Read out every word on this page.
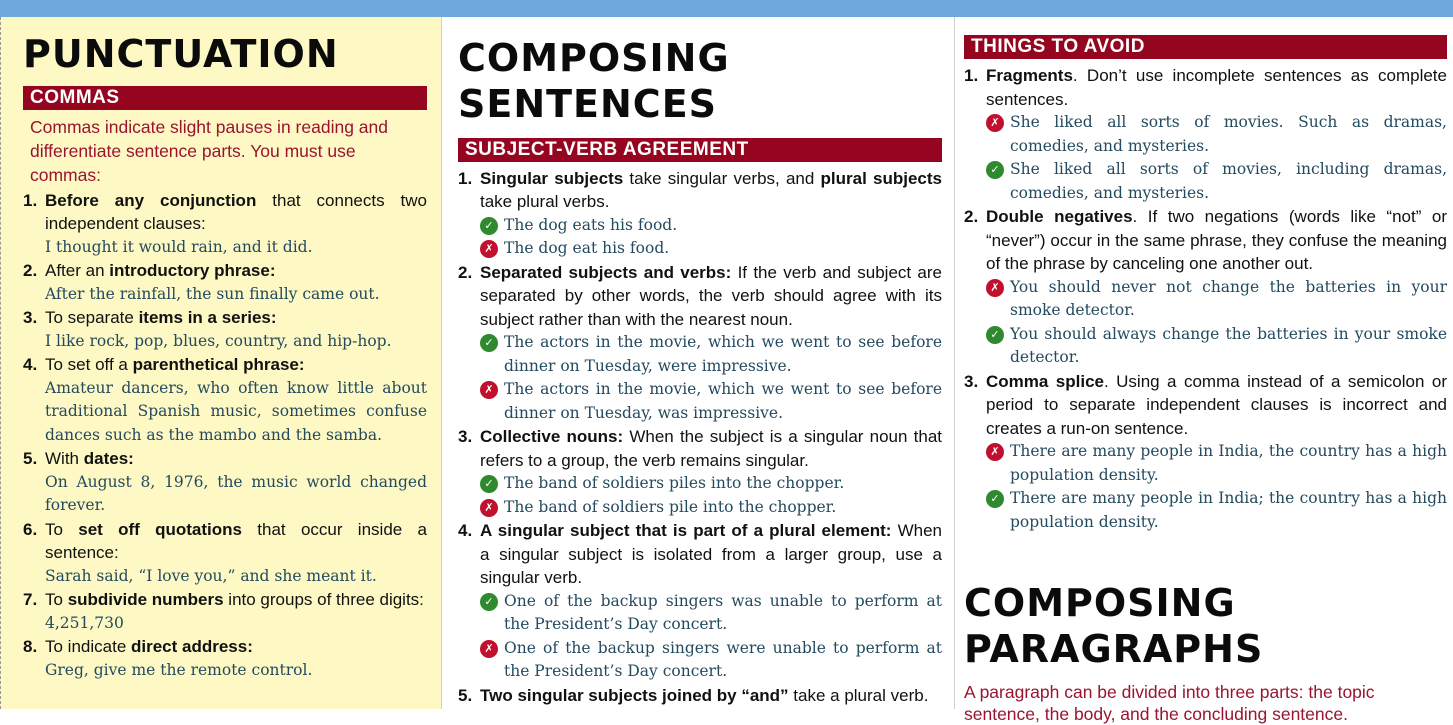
PUNCTUATION
COMMAS
Commas indicate slight pauses in reading and differentiate sentence parts. You must use commas:
1. Before any conjunction that connects two independent clauses:
I thought it would rain, and it did.
2. After an introductory phrase:
After the rainfall, the sun finally came out.
3. To separate items in a series:
I like rock, pop, blues, country, and hip-hop.
4. To set off a parenthetical phrase:
Amateur dancers, who often know little about traditional Spanish music, sometimes confuse dances such as the mambo and the samba.
5. With dates:
On August 8, 1976, the music world changed forever.
6. To set off quotations that occur inside a sentence:
Sarah said, “I love you,” and she meant it.
7. To subdivide numbers into groups of three digits:
4,251,730
8. To indicate direct address:
Greg, give me the remote control.
COMPOSING
SENTENCES
SUBJECT-VERB AGREEMENT
1. Singular subjects take singular verbs, and plural subjects take plural verbs.
✓ The dog eats his food.
✗ The dog eat his food.
2. Separated subjects and verbs: If the verb and subject are separated by other words, the verb should agree with its subject rather than with the nearest noun.
✓ The actors in the movie, which we went to see before dinner on Tuesday, were impressive.
✗ The actors in the movie, which we went to see before dinner on Tuesday, was impressive.
3. Collective nouns: When the subject is a singular noun that refers to a group, the verb remains singular.
✓ The band of soldiers piles into the chopper.
✗ The band of soldiers pile into the chopper.
4. A singular subject that is part of a plural element: When a singular subject is isolated from a larger group, use a singular verb.
✓ One of the backup singers was unable to perform at the President’s Day concert.
✗ One of the backup singers were unable to perform at the President’s Day concert.
5. Two singular subjects joined by “and” take a plural verb.
THINGS TO AVOID
1. Fragments. Don’t use incomplete sentences as complete sentences.
✗ She liked all sorts of movies. Such as dramas, comedies, and mysteries.
✓ She liked all sorts of movies, including dramas, comedies, and mysteries.
2. Double negatives. If two negations (words like “not” or “never”) occur in the same phrase, they confuse the meaning of the phrase by canceling one another out.
✗ You should never not change the batteries in your smoke detector.
✓ You should always change the batteries in your smoke detector.
3. Comma splice. Using a comma instead of a semicolon or period to separate independent clauses is incorrect and creates a run-on sentence.
✗ There are many people in India, the country has a high population density.
✓ There are many people in India; the country has a high population density.
COMPOSING
PARAGRAPHS
A paragraph can be divided into three parts: the topic sentence, the body, and the concluding sentence.
